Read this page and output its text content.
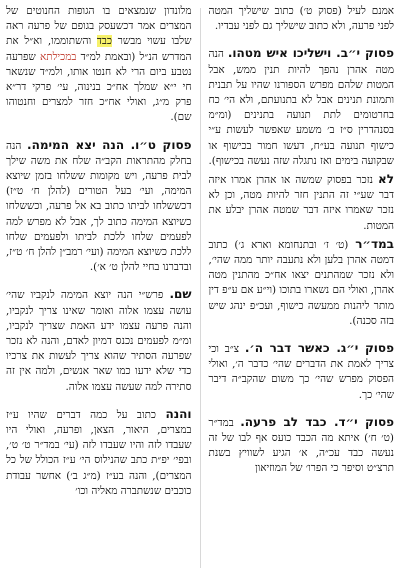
אמנם לעיל (פסוק ט׳) כתוב שישליך המטה לפני פרעה, ולא כתוב שישליך גם לפני עבדיו.

פסוק י״ב. וישליכו איש מטהו. הנה מטה אהרן נהפך להיות תנין ממש, אבל המטות שלהם מפרש הספורנו שהיו על תבנית ותמונת תנינים אבל לא בתנועתם, ולא הי׳ כח בחרטומים לתת תנועה בתנינים (ומ״מ בסנהדרין ס״ז ב׳ משמע שאפשר לעשות ע״י כישוף תנועה בע״ח, דעשו חמור בכישוף או שבקועה בימים ואז נתגלה שזה נעשה בכישוף).

לא נזכר בפסוק שמשה או אהרן אמרו איזה דבר שע״י זה התנין חזר להיות מטה, וכן לא נזכר שאמרו איזה דבר שמטה אהרן יבלע את המטות.

במד״ר (ט׳ ז׳ ובתנחומא וארא ג׳) כתוב דמטה אהרן בלען ולא נתעבה יותר ממה שהי׳, ולא נזכר שמהתנים יצאו אח״כ מהתנין מטה אהרן, ואולי הם נשארו בתוכו (וי״ע אם ע״פ דין מותר ליהנות ממעשה כישוף, ועכ״פ ינהג שיש בזה סכנה).

פסוק י״ג. כאשר דבר ה׳. צ״ב וכי צריך לאמת את הדברים שהי׳ כדבר ה׳, ואולי הפסוק מפרש שהי׳ כך משום שהקב״ה דיבר שהי׳ כך.

פסוק י״ד. כבד לב פרעה. במד״ר (ט׳ ח׳) איתא מה הכבד כועס אף לבו של זה נעשה כבד עכ״ה, א׳ הגיע לשוויץ בשנת תרצ״ט וסיפר כי הפרו׳ של המוזיאון

מלונדון שנמצאים בו הגופות החנוטים של המצרים אמר דכשעסק בגופם של פרעה ראה שלבו עשוי מבשר כבד והשתוממו, וא״ל את המדרש הנ״ל (ובאמת למ״ד במכילתא שפרעה נטבע ביום הרי לא חנטו אותו, ולמ״ד שנשאר חי י״א שמלך אח״כ בנינוה, עי׳ פרקי דר״א פרק מ״ג, ואולי אח״כ חזר למצרים וחנטוהו שם).

פסוק ט״ו. הנה יצא המימה. הנה בחלק מהתראות הקב״ה שלח את משה שילך לבית פרעה, ויש מקומות ששלחו בזמן שיוצא המימה, ועי׳ בעל הטורים (להלן ח׳ ט״ז) דכששלחו לביתו כתוב בא אל פרעה, וכששלחו כשיוצא המימה כתוב לך, אבל לא מפרש למה לפעמים שלחו ללכת לביתו ולפעמים שלחו ללכת כשיוצא המימה (ועי׳ רמב״ן להלן ח׳ ט״ז, ובדברנו בחיי להלן ט׳ א׳).

שם. פרש״י הנה יוצא המימה לנקביו שהי׳ עושה עצמו אלוה ואומר שאינו צריך לנקביו, והנה פרעה עצמו ידע האמת שצריך לנקביו, ומ״מ לפעמים נכנס דמיון לאדם, והנה לא נזכר שפרעה הסתיר שהוא צריך לעשות את צרכיו כדי שלא ידעו כמו שאר אנשים, ולמה אין זה סתירה למה שעשה עצמו אלוה.

והנה כתוב על כמה דברים שהיו ע״ז במצרים, היאור, הצאן, ופרעה, ואולי היו שעבדו לזה והיו שעבדו לזה (עי׳ במד״ר ט׳ ט׳, ובפי׳ יפ״ת כתב שהנילוס הי׳ ע״ז הכולל של כל המצרים), והנה בע״ז (מ״ג ב׳) אחשר עבודת כוכבים שנשתברה מאליה וכו׳
